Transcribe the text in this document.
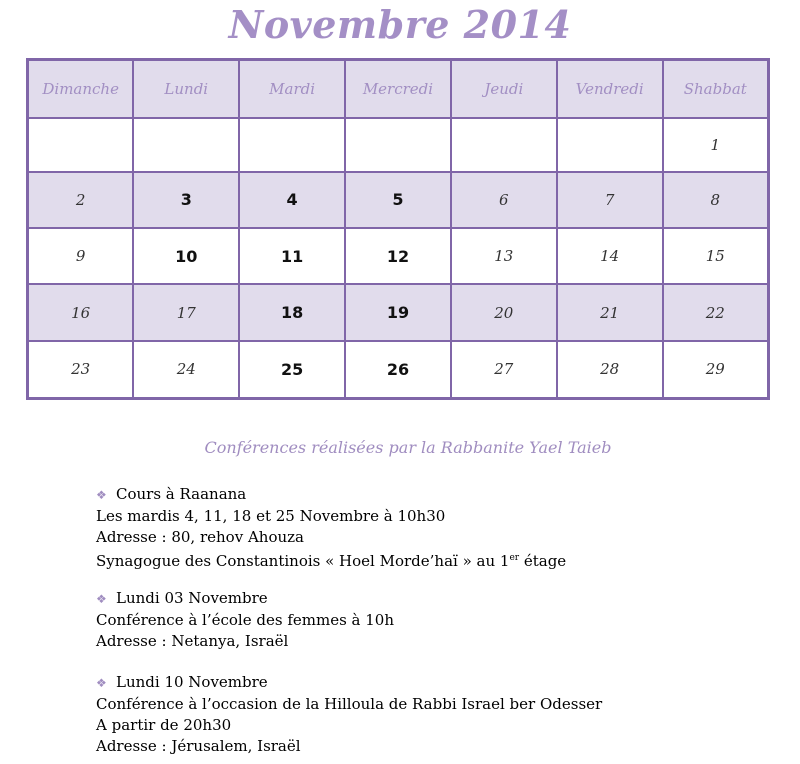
Novembre 2014
Dimanche	Lundi	Mardi	Mercredi	Jeudi	Vendredi	Shabbat
						1
2	3	4	5	6	7	8
9	10	11	12	13	14	15
16	17	18	19	20	21	22
23	24	25	26	27	28	29
Conférences réalisées par la Rabbanite Yael Taieb
❖ Cours à Raanana
Les mardis 4, 11, 18 et 25 Novembre à 10h30
Adresse : 80, rehov Ahouza
Synagogue des Constantinois « Hoel Morde’haï » au 1er étage
❖ Lundi 03 Novembre
Conférence à l’école des femmes à 10h
Adresse : Netanya, Israël
❖ Lundi 10 Novembre
Conférence à l’occasion de la Hilloula de Rabbi Israel ber Odesser
A partir de 20h30
Adresse : Jérusalem, Israël
